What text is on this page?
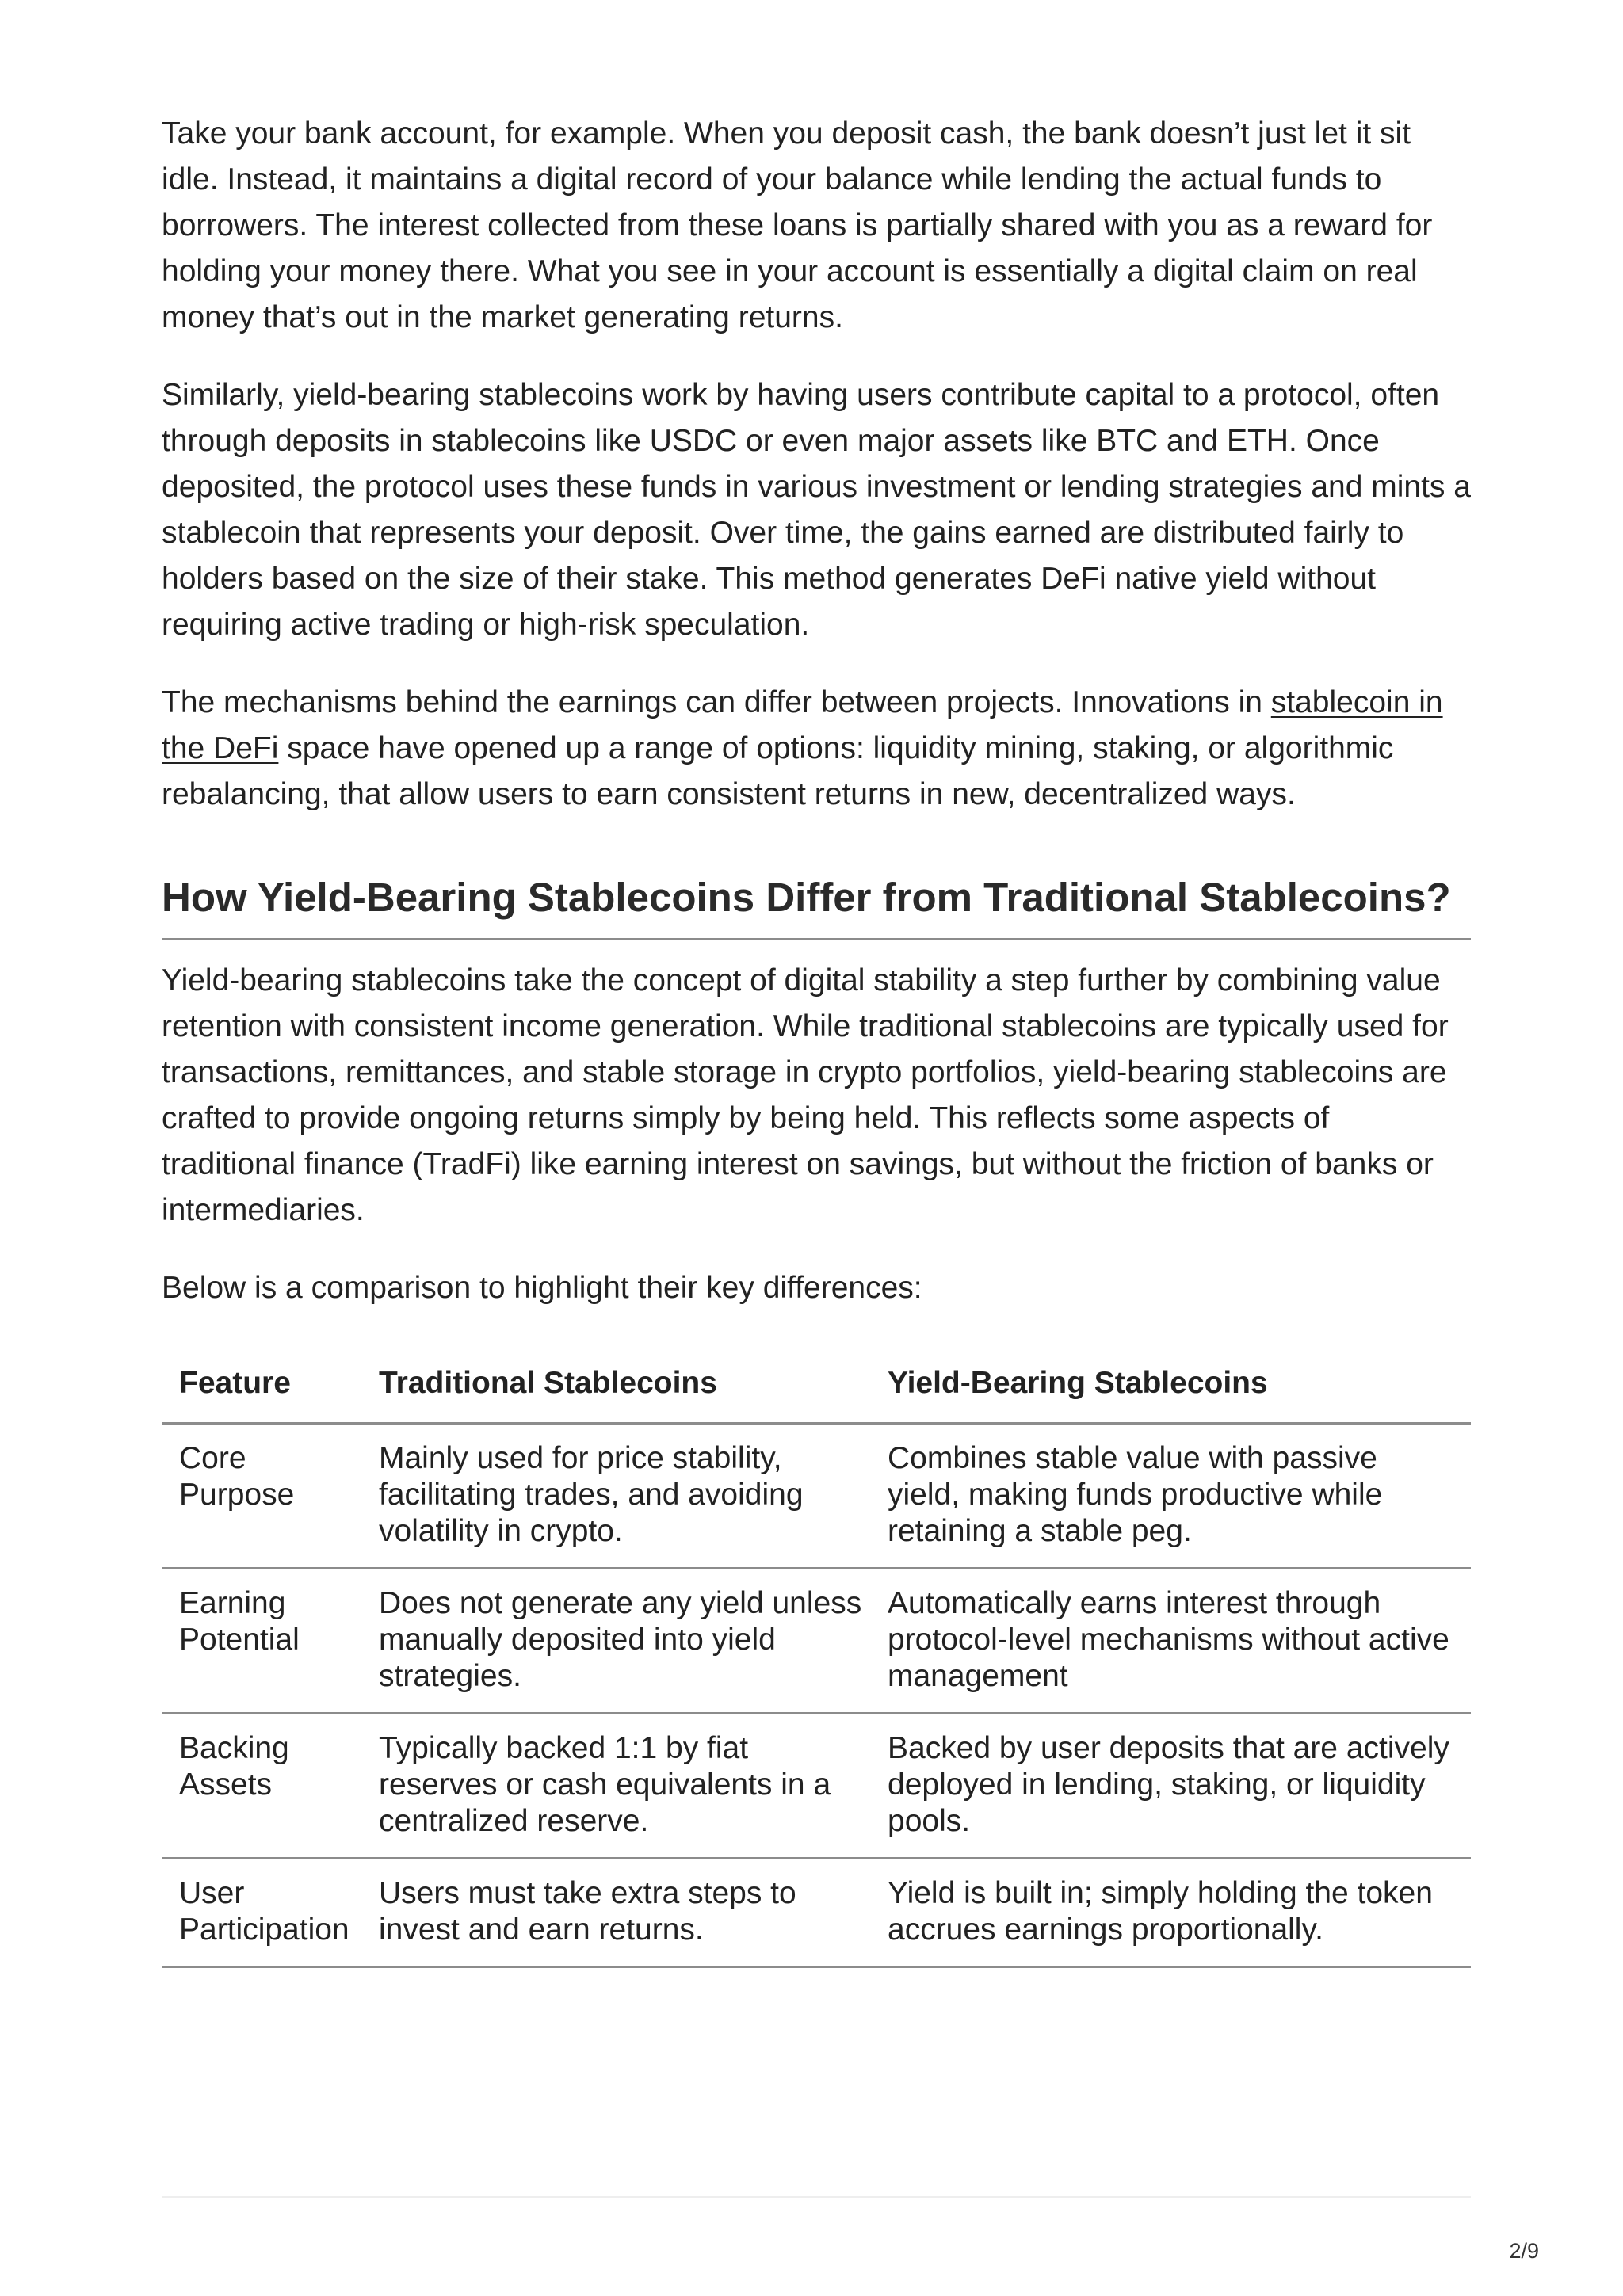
Take your bank account, for example. When you deposit cash, the bank doesn’t just let it sit idle. Instead, it maintains a digital record of your balance while lending the actual funds to borrowers. The interest collected from these loans is partially shared with you as a reward for holding your money there. What you see in your account is essentially a digital claim on real money that’s out in the market generating returns.

Similarly, yield-bearing stablecoins work by having users contribute capital to a protocol, often through deposits in stablecoins like USDC or even major assets like BTC and ETH. Once deposited, the protocol uses these funds in various investment or lending strategies and mints a stablecoin that represents your deposit. Over time, the gains earned are distributed fairly to holders based on the size of their stake. This method generates DeFi native yield without requiring active trading or high-risk speculation.

The mechanisms behind the earnings can differ between projects. Innovations in stablecoin in the DeFi space have opened up a range of options: liquidity mining, staking, or algorithmic rebalancing, that allow users to earn consistent returns in new, decentralized ways.

How Yield-Bearing Stablecoins Differ from Traditional Stablecoins?

Yield-bearing stablecoins take the concept of digital stability a step further by combining value retention with consistent income generation. While traditional stablecoins are typically used for transactions, remittances, and stable storage in crypto portfolios, yield-bearing stablecoins are crafted to provide ongoing returns simply by being held. This reflects some aspects of traditional finance (TradFi) like earning interest on savings, but without the friction of banks or intermediaries.

Below is a comparison to highlight their key differences:

Feature	Traditional Stablecoins	Yield-Bearing Stablecoins
Core Purpose	Mainly used for price stability, facilitating trades, and avoiding volatility in crypto.	Combines stable value with passive yield, making funds productive while retaining a stable peg.
Earning Potential	Does not generate any yield unless manually deposited into yield strategies.	Automatically earns interest through protocol-level mechanisms without active management
Backing Assets	Typically backed 1:1 by fiat reserves or cash equivalents in a centralized reserve.	Backed by user deposits that are actively deployed in lending, staking, or liquidity pools.
User Participation	Users must take extra steps to invest and earn returns.	Yield is built in; simply holding the token accrues earnings proportionally.
2/9
